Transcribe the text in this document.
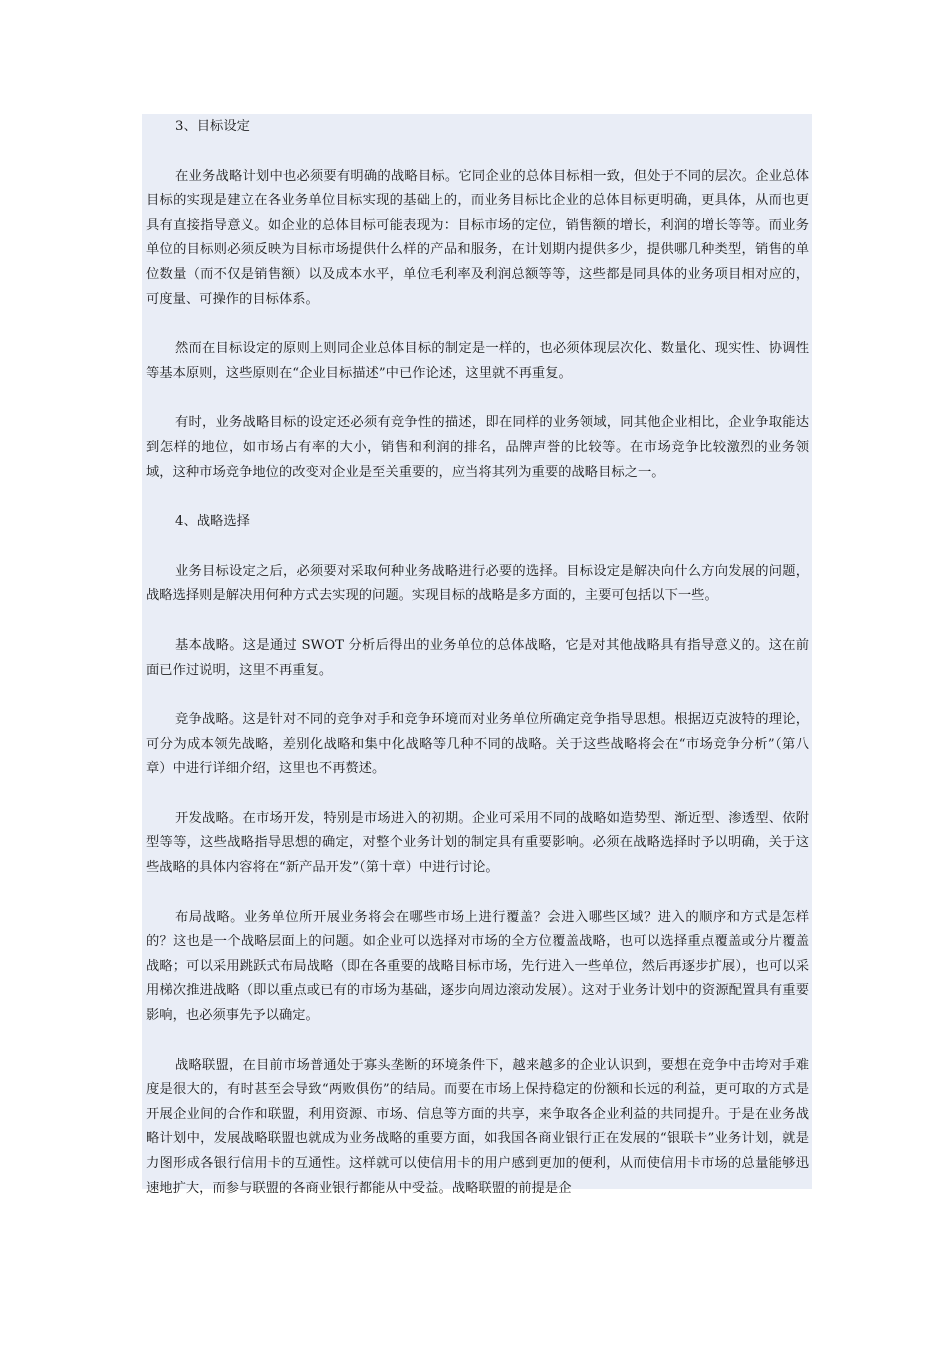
3、目标设定

在业务战略计划中也必须要有明确的战略目标。它同企业的总体目标相一致，但处于不同的层次。企业总体目标的实现是建立在各业务单位目标实现的基础上的，而业务目标比企业的总体目标更明确，更具体，从而也更具有直接指导意义。如企业的总体目标可能表现为：目标市场的定位，销售额的增长，利润的增长等等。而业务单位的目标则必须反映为目标市场提供什么样的产品和服务，在计划期内提供多少，提供哪几种类型，销售的单位数量（而不仅是销售额）以及成本水平，单位毛利率及利润总额等等，这些都是同具体的业务项目相对应的，可度量、可操作的目标体系。

然而在目标设定的原则上则同企业总体目标的制定是一样的，也必须体现层次化、数量化、现实性、协调性等基本原则，这些原则在“企业目标描述”中已作论述，这里就不再重复。

有时，业务战略目标的设定还必须有竞争性的描述，即在同样的业务领域，同其他企业相比，企业争取能达到怎样的地位，如市场占有率的大小，销售和利润的排名，品牌声誉的比较等。在市场竞争比较激烈的业务领域，这种市场竞争地位的改变对企业是至关重要的，应当将其列为重要的战略目标之一。

4、战略选择

业务目标设定之后，必须要对采取何种业务战略进行必要的选择。目标设定是解决向什么方向发展的问题，战略选择则是解决用何种方式去实现的问题。实现目标的战略是多方面的，主要可包括以下一些。

基本战略。这是通过 SWOT 分析后得出的业务单位的总体战略，它是对其他战略具有指导意义的。这在前面已作过说明，这里不再重复。

竞争战略。这是针对不同的竞争对手和竞争环境而对业务单位所确定竞争指导思想。根据迈克波特的理论，可分为成本领先战略，差别化战略和集中化战略等几种不同的战略。关于这些战略将会在“市场竞争分析”（第八章）中进行详细介绍，这里也不再赘述。

开发战略。在市场开发，特别是市场进入的初期。企业可采用不同的战略如造势型、渐近型、渗透型、依附型等等，这些战略指导思想的确定，对整个业务计划的制定具有重要影响。必须在战略选择时予以明确，关于这些战略的具体内容将在“新产品开发”（第十章）中进行讨论。

布局战略。业务单位所开展业务将会在哪些市场上进行覆盖？会进入哪些区域？进入的顺序和方式是怎样的？这也是一个战略层面上的问题。如企业可以选择对市场的全方位覆盖战略，也可以选择重点覆盖或分片覆盖战略；可以采用跳跃式布局战略（即在各重要的战略目标市场，先行进入一些单位，然后再逐步扩展），也可以采用梯次推进战略（即以重点或已有的市场为基础，逐步向周边滚动发展）。这对于业务计划中的资源配置具有重要影响，也必须事先予以确定。

战略联盟，在目前市场普通处于寡头垄断的环境条件下，越来越多的企业认识到，要想在竞争中击垮对手难度是很大的，有时甚至会导致“两败俱伤”的结局。而要在市场上保持稳定的份额和长远的利益，更可取的方式是开展企业间的合作和联盟，利用资源、市场、信息等方面的共享，来争取各企业利益的共同提升。于是在业务战略计划中，发展战略联盟也就成为业务战略的重要方面，如我国各商业银行正在发展的“银联卡”业务计划，就是力图形成各银行信用卡的互通性。这样就可以使信用卡的用户感到更加的便利，从而使信用卡市场的总量能够迅速地扩大，而参与联盟的各商业银行都能从中受益。战略联盟的前提是企
